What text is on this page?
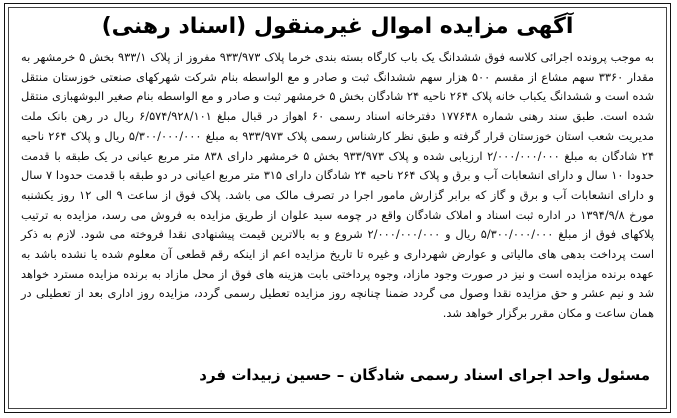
آگهی مزایده اموال غیرمنقول (اسناد رهنی)

به موجب پرونده اجرائی کلاسه فوق ششدانگ یک باب کارگاه بسته بندی خرما پلاک ۹۳۳/۹۷۳ مفروز از پلاک ۹۳۳/۱ بخش ۵ خرمشهر به مقدار ۳۳۶۰ سهم مشاع از مقسم ۵۰۰ هزار سهم ششدانگ ثبت و صادر و مع الواسطه بنام شرکت شهرکهای صنعتی خوزستان منتقل شده است و ششدانگ یکباب خانه پلاک ۲۶۴ ناحیه ۲۴ شادگان بخش ۵ خرمشهر ثبت و صادر و مع الواسطه بنام صغیر البوشهبازی منتقل شده است. طبق سند رهنی شماره ۱۷۷۶۴۸ دفترخانه اسناد رسمی ۶۰ اهواز در قبال مبلغ ۶/۵۷۴/۹۲۸/۱۰۱ ریال در رهن بانک ملت مدیریت شعب استان خوزستان قرار گرفته و طبق نظر کارشناس رسمی پلاک ۹۳۳/۹۷۳ به مبلغ ۵/۳۰۰/۰۰۰/۰۰۰ ریال و پلاک ۲۶۴ ناحیه ۲۴ شادگان به مبلغ ۲/۰۰۰/۰۰۰/۰۰۰ ارزیابی شده و پلاک ۹۳۳/۹۷۳ بخش ۵ خرمشهر دارای ۸۳۸ متر مربع عیانی در یک طبقه با قدمت حدودا ۱۰ سال و دارای انشعابات آب و برق و پلاک ۲۶۴ ناحیه ۲۴ شادگان دارای ۳۱۵ متر مربع اعیانی در دو طبقه با قدمت حدودا ۷ سال و دارای انشعابات آب و برق و گاز که برابر گزارش مامور اجرا در تصرف مالک می باشد. پلاک فوق از ساعت ۹ الی ۱۲ روز یکشنبه مورخ ۱۳۹۴/۹/۸ در اداره ثبت اسناد و املاک شادگان واقع در چومه سید علوان از طریق مزایده به فروش می رسد، مزایده به ترتیب پلاکهای فوق از مبلغ ۵/۳۰۰/۰۰۰/۰۰۰ ریال و ۲/۰۰۰/۰۰۰/۰۰۰ شروع و به بالاترین قیمت پیشنهادی نقدا فروخته می شود. لازم به ذکر است پرداخت بدهی های مالیاتی و عوارض شهرداری و غیره تا تاریخ مزایده اعم از اینکه رقم قطعی آن معلوم شده یا نشده باشد به عهده برنده مزایده است و نیز در صورت وجود مازاد، وجوه پرداختی بابت هزینه های فوق از محل مازاد به برنده مزایده مسترد خواهد شد و نیم عشر و حق مزایده نقدا وصول می گردد ضمنا چنانچه روز مزایده تعطیل رسمی گردد، مزایده روز اداری بعد از تعطیلی در همان ساعت و مکان مقرر برگزار خواهد شد.

مسئول واحد اجرای اسناد رسمی شادگان – حسین زبیدات فرد
